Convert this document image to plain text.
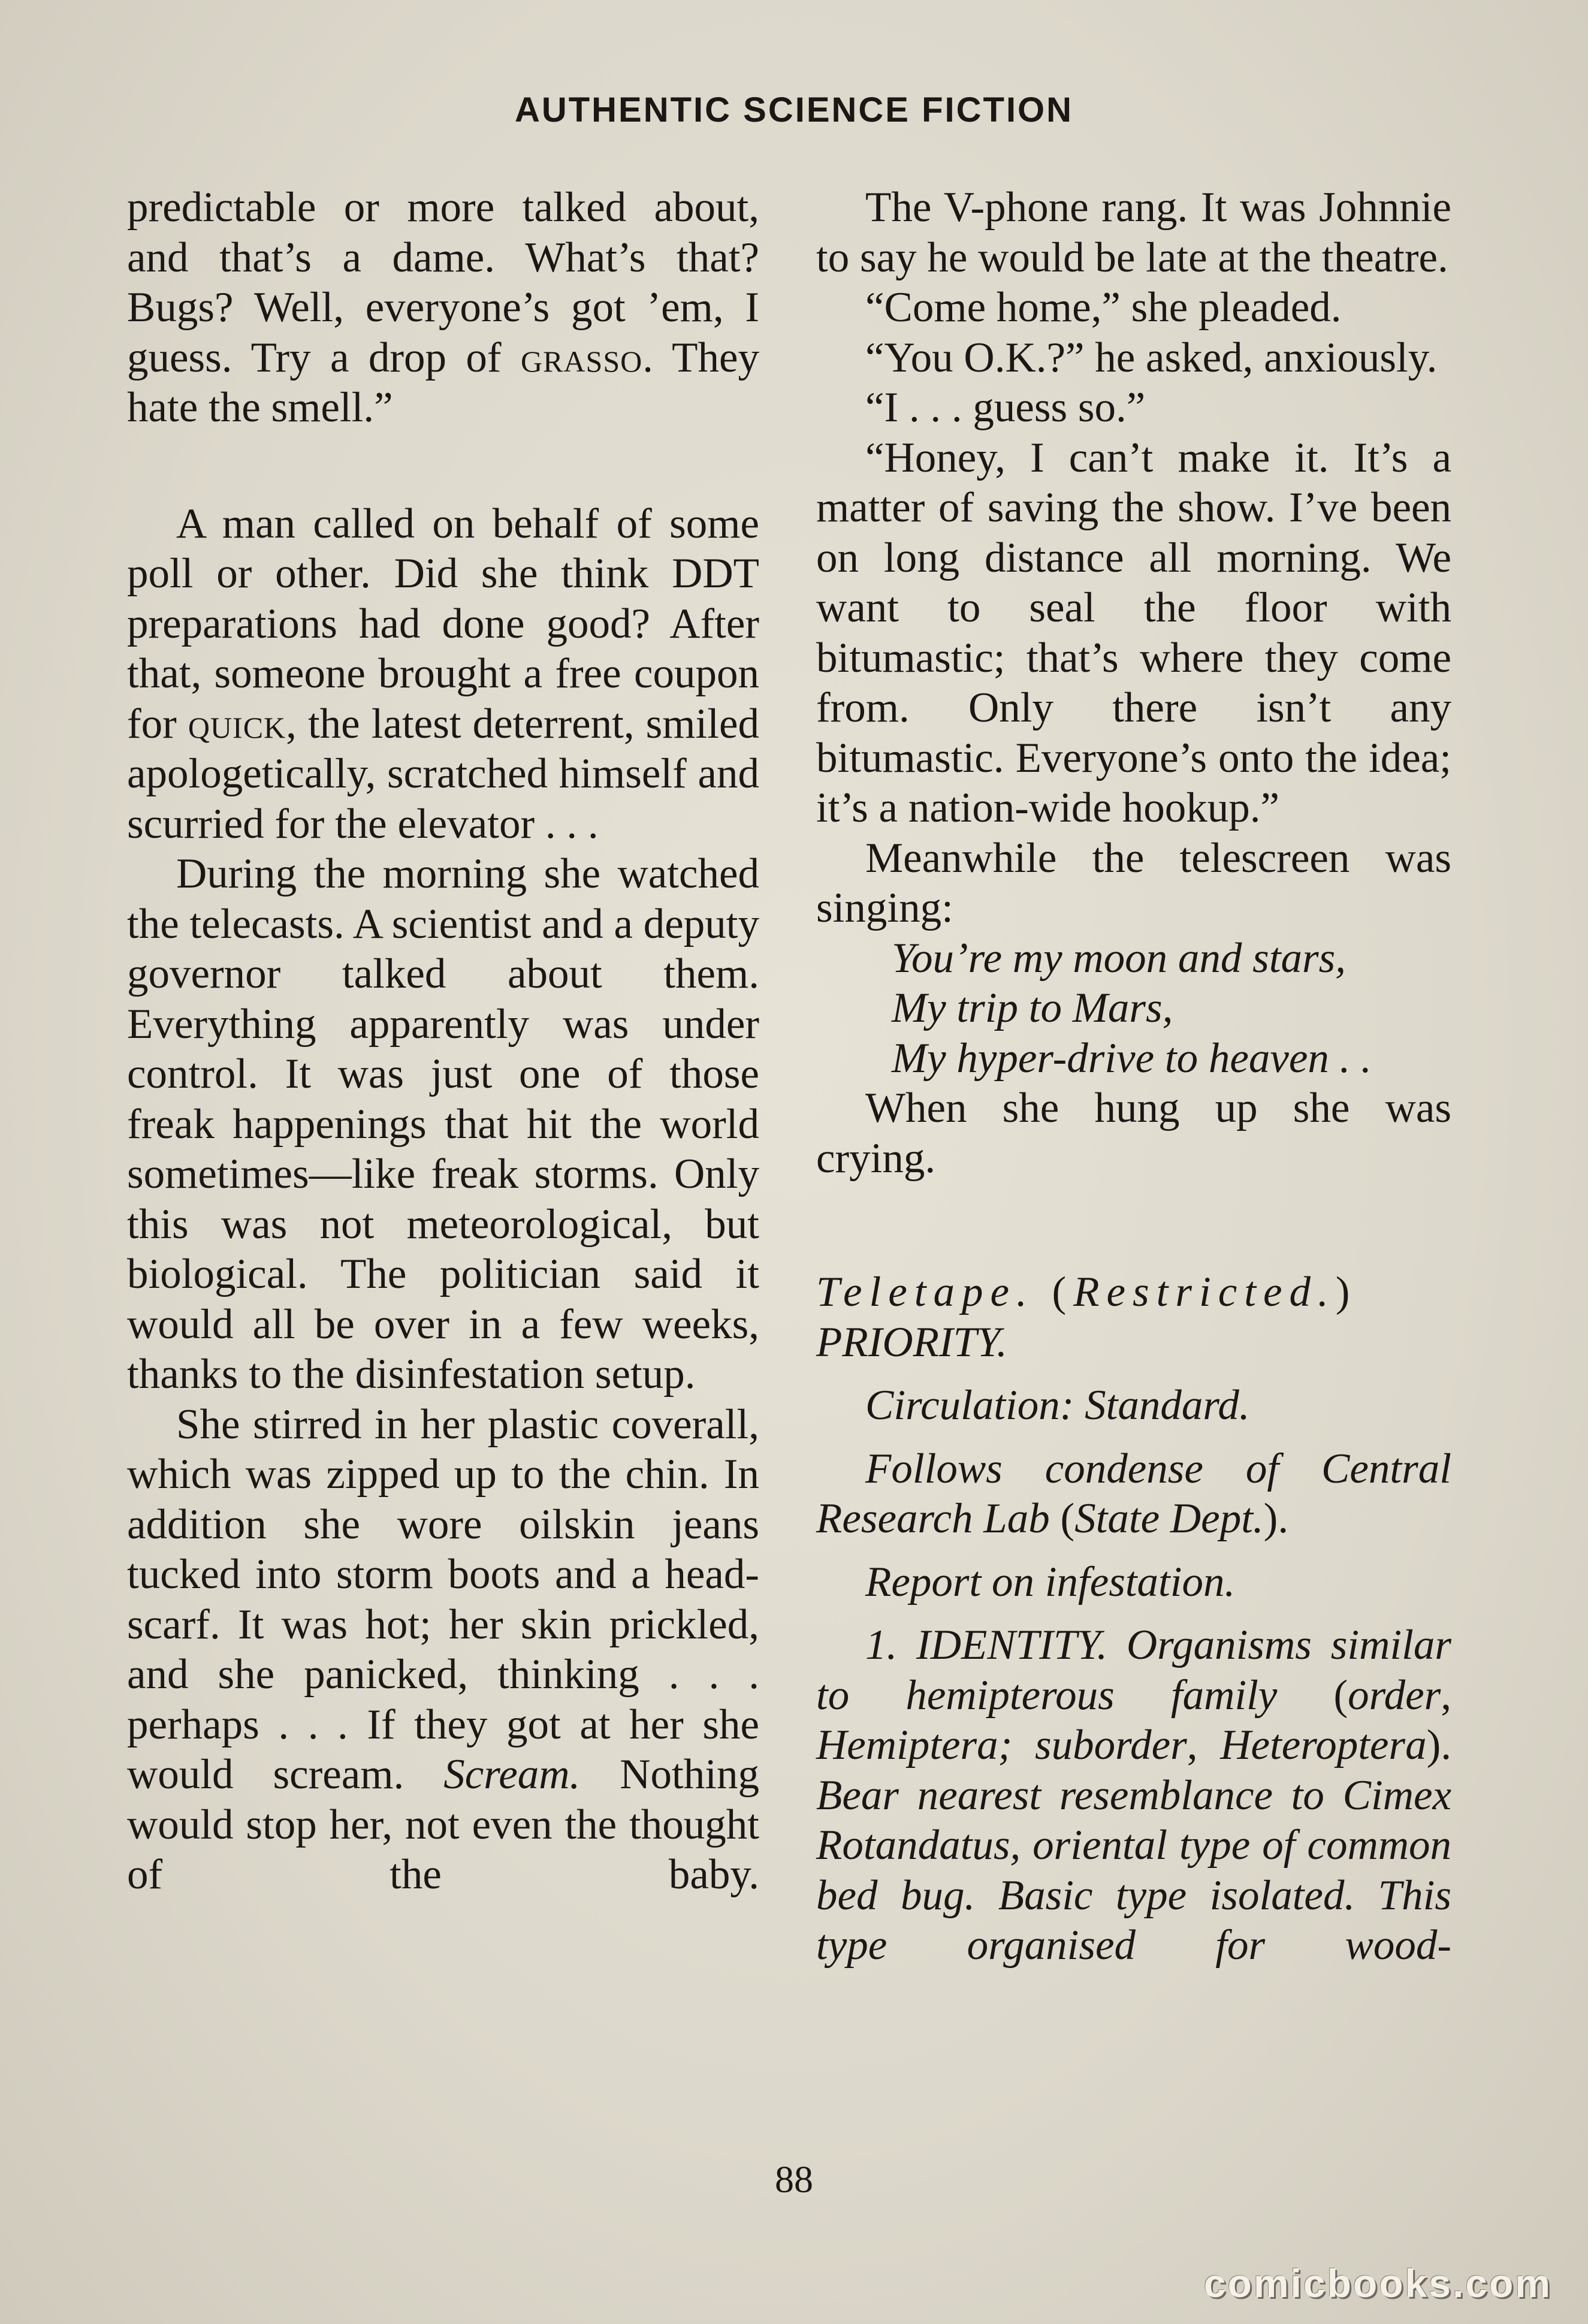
AUTHENTIC SCIENCE FICTION

predictable or more talked about, and that’s a dame. What’s that? Bugs? Well, everyone’s got ’em, I guess. Try a drop of grasso. They hate the smell.”

A man called on behalf of some poll or other. Did she think DDT preparations had done good? After that, someone brought a free coupon for quick, the latest deterrent, smiled apologetically, scratched himself and scurried for the elevator . . .

During the morning she watched the telecasts. A scientist and a deputy governor talked about them. Everything apparently was under control. It was just one of those freak happenings that hit the world sometimes—like freak storms. Only this was not meteorological, but biological. The politician said it would all be over in a few weeks, thanks to the disinfestation setup.

She stirred in her plastic coverall, which was zipped up to the chin. In addition she wore oilskin jeans tucked into storm boots and a head-scarf. It was hot; her skin prickled, and she panicked, thinking . . . perhaps . . . If they got at her she would scream. Scream. Nothing would stop her, not even the thought of the baby.

The V-phone rang. It was Johnnie to say he would be late at the theatre.

“Come home,” she pleaded.

“You O.K.?” he asked, anxiously.

“I . . . guess so.”

“Honey, I can’t make it. It’s a matter of saving the show. I’ve been on long distance all morning. We want to seal the floor with bitumastic; that’s where they come from. Only there isn’t any bitumastic. Everyone’s onto the idea; it’s a nation-wide hookup.”

Meanwhile the telescreen was singing:

You’re my moon and stars,

My trip to Mars,

My hyper-drive to heaven . .

When she hung up she was crying.

Teletape. (Restricted.)

PRIORITY.

Circulation: Standard.

Follows condense of Central Research Lab (State Dept.).

Report on infestation.

1. IDENTITY. Organisms similar to hemipterous family (order, Hemiptera; suborder, Heteroptera). Bear nearest resemblance to Cimex Rotandatus, oriental type of common bed bug. Basic type isolated. This type organised for wood-

88
comicbooks.com
